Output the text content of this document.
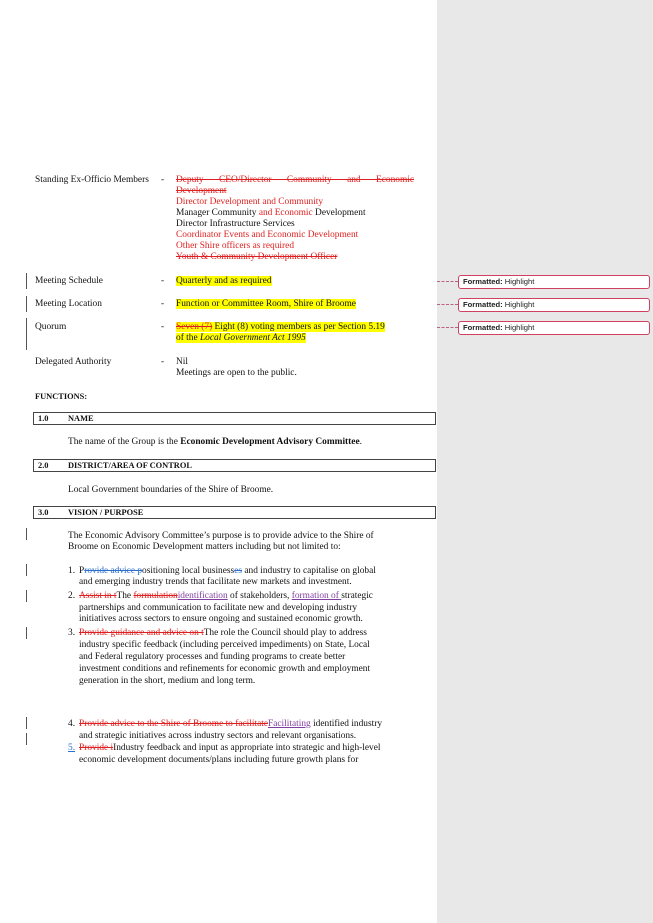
Standing Ex-Officio Members - Deputy CEO/Director Community and Economic Development
Director Development and Community
Manager Community and Economic Development
Director Infrastructure Services
Coordinator Events and Economic Development
Other Shire officers as required
Youth & Community Development Officer
Meeting Schedule	- Quarterly and as required
Meeting Location	- Function or Committee Room, Shire of Broome
Quorum	- Seven (7) Eight (8) voting members as per Section 5.19
of the Local Government Act 1995
Delegated Authority	- Nil
Meetings are open to the public.
FUNCTIONS:
1.0 NAME
The name of the Group is the Economic Development Advisory Committee.
2.0 DISTRICT/AREA OF CONTROL
Local Government boundaries of the Shire of Broome.
3.0 VISION / PURPOSE
The Economic Advisory Committee’s purpose is to provide advice to the Shire of
Broome on Economic Development matters including but not limited to:
1. Provide advice positioning local businesses and industry to capitalise on global
and emerging industry trends that facilitate new markets and investment.
2. Assist in tThe formulationidentification of stakeholders, formation of strategic
partnerships and communication to facilitate new and developing industry
initiatives across sectors to ensure ongoing and sustained economic growth.
3. Provide guidance and advice on tThe role the Council should play to address
industry specific feedback (including perceived impediments) on State, Local
and Federal regulatory processes and funding programs to create better
investment conditions and refinements for economic growth and employment
generation in the short, medium and long term.
4. Provide advice to the Shire of Broome to facilitateFacilitating identified industry
and strategic initiatives across industry sectors and relevant organisations.
5. Provide iIndustry feedback and input as appropriate into strategic and high-level
economic development documents/plans including future growth plans for
Formatted: Highlight
Formatted: Highlight
Formatted: Highlight
